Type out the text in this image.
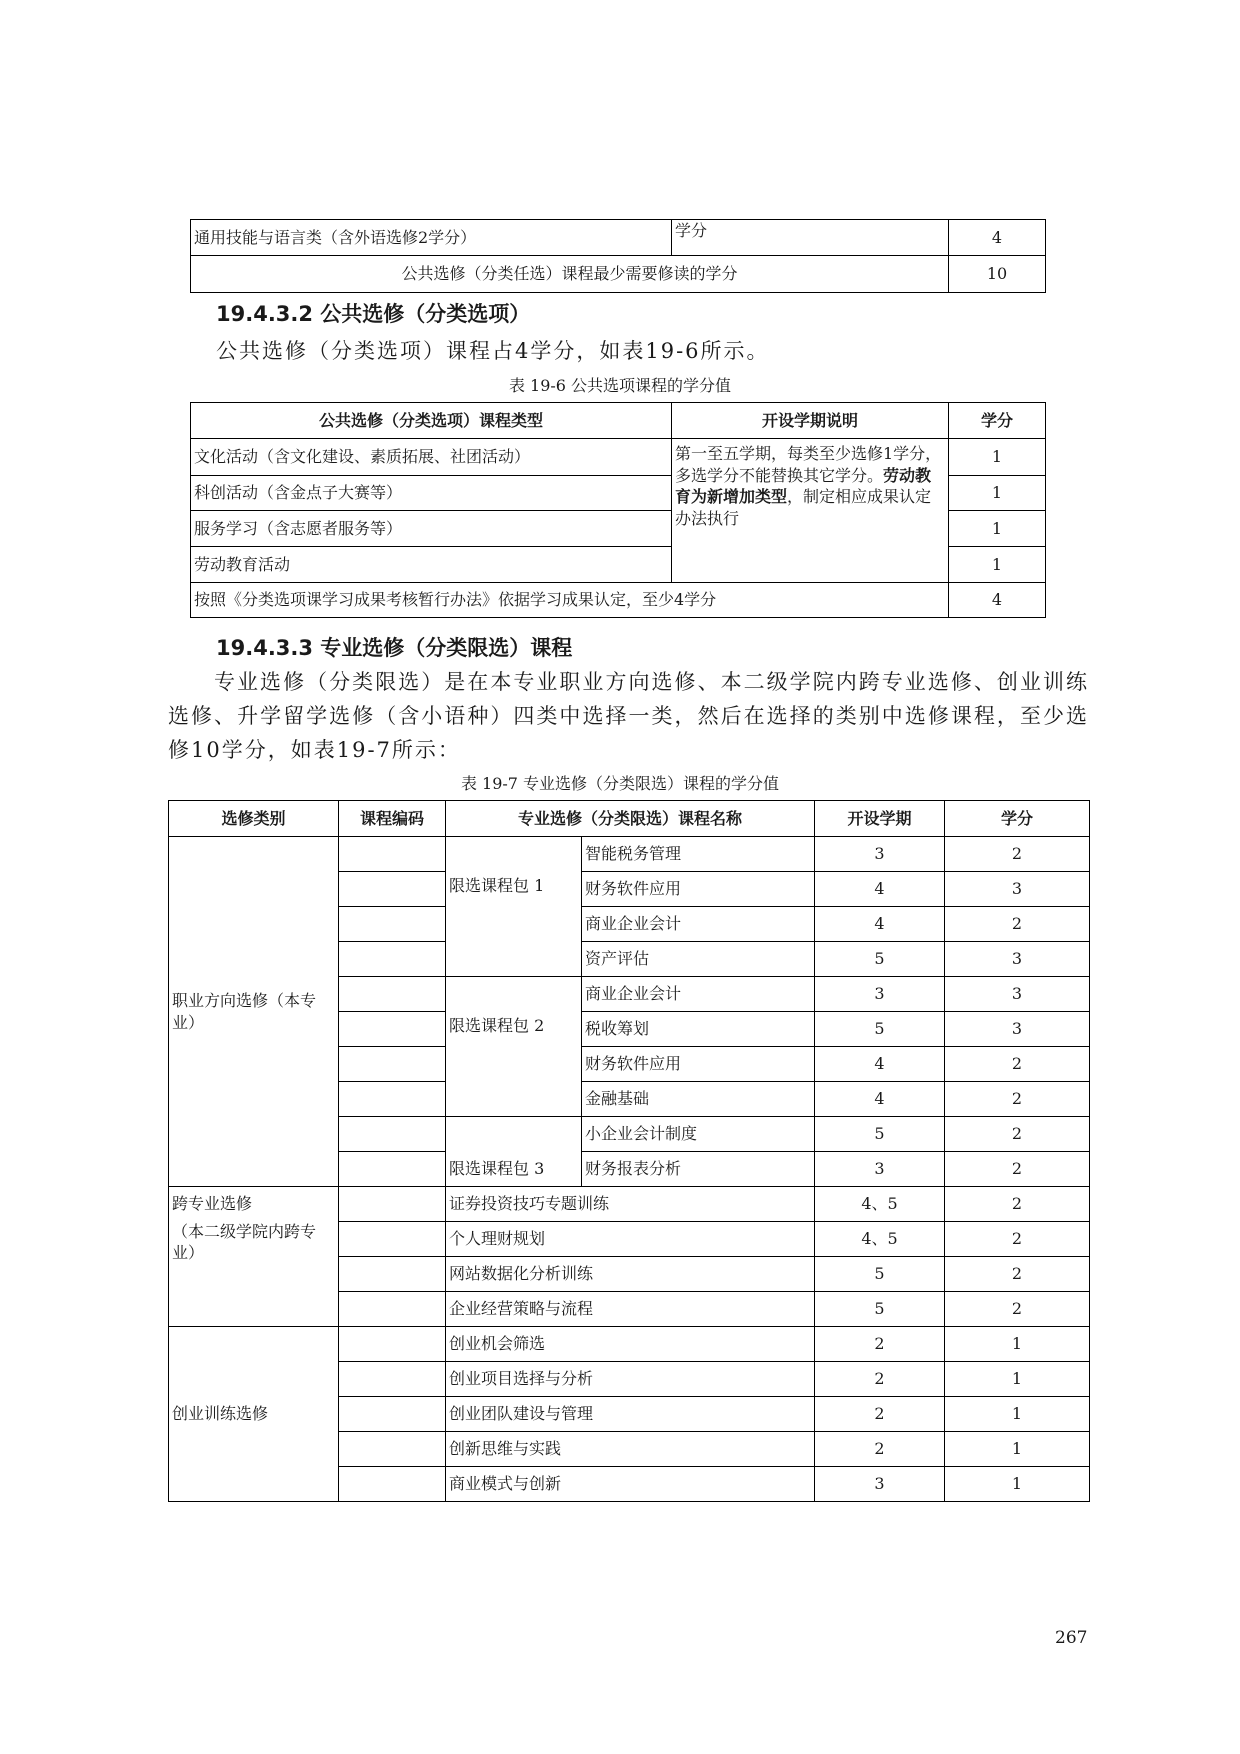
通用技能与语言类（含外语选修2学分）	学分	4
公共选修（分类任选）课程最少需要修读的学分		10

19.4.3.2 公共选修（分类选项）

公共选修（分类选项）课程占4学分，如表19-6所示。

表 19-6 公共选项课程的学分值

公共选修（分类选项）课程类型	开设学期说明	学分
文化活动（含文化建设、素质拓展、社团活动）	第一至五学期，每类至少选修1学分，多选学分不能替换其它学分。劳动教育为新增加类型，制定相应成果认定办法执行	1
科创活动（含金点子大赛等）		1
服务学习（含志愿者服务等）		1
劳动教育活动		1
按照《分类选项课学习成果考核暂行办法》依据学习成果认定，至少4学分		4

19.4.3.3 专业选修（分类限选）课程

专业选修（分类限选）是在本专业职业方向选修、本二级学院内跨专业选修、创业训练选修、升学留学选修（含小语种）四类中选择一类，然后在选择的类别中选修课程，至少选修10学分，如表19-7所示：

表 19-7 专业选修（分类限选）课程的学分值

选修类别	课程编码	专业选修（分类限选）课程名称		开设学期	学分
职业方向选修（本专业）		限选课程包 1	智能税务管理	3	2
			财务软件应用	4	3
			商业企业会计	4	2
			资产评估	5	3
		限选课程包 2	商业企业会计	3	3
			税收筹划	5	3
			财务软件应用	4	2
			金融基础	4	2
		限选课程包 3	小企业会计制度	5	2
			财务报表分析	3	2

跨专业选修
（本二级学院内跨专业）		证券投资技巧专题训练		4、5	2
		个人理财规划		4、5	2
		网站数据化分析训练		5	2
		企业经营策略与流程		5	2
创业训练选修		创业机会筛选		2	1
		创业项目选择与分析		2	1
		创业团队建设与管理		2	1
		创新思维与实践		2	1
		商业模式与创新		3	1
267
